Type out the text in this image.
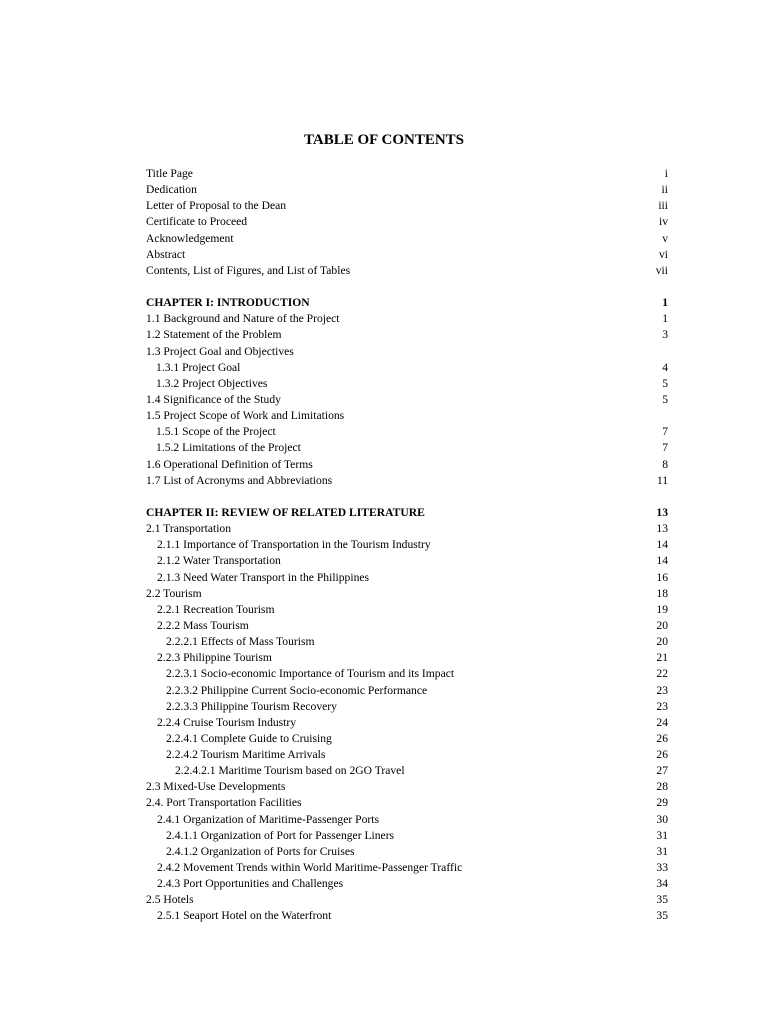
TABLE OF CONTENTS
Title Page	i
Dedication	ii
Letter of Proposal to the Dean	iii
Certificate to Proceed	iv
Acknowledgement	v
Abstract	vi
Contents, List of Figures, and List of Tables	vii
CHAPTER I: INTRODUCTION	1
1.1 Background and Nature of the Project	1
1.2 Statement of the Problem	3
1.3 Project Goal and Objectives
1.3.1 Project Goal	4
1.3.2 Project Objectives	5
1.4 Significance of the Study	5
1.5 Project Scope of Work and Limitations
1.5.1 Scope of the Project	7
1.5.2 Limitations of the Project	7
1.6 Operational Definition of Terms	8
1.7 List of Acronyms and Abbreviations	11
CHAPTER II: REVIEW OF RELATED LITERATURE	13
2.1 Transportation	13
2.1.1 Importance of Transportation in the Tourism Industry	14
2.1.2 Water Transportation	14
2.1.3 Need Water Transport in the Philippines	16
2.2 Tourism	18
2.2.1 Recreation Tourism	19
2.2.2 Mass Tourism	20
2.2.2.1 Effects of Mass Tourism	20
2.2.3 Philippine Tourism	21
2.2.3.1 Socio-economic Importance of Tourism and its Impact	22
2.2.3.2 Philippine Current Socio-economic Performance	23
2.2.3.3 Philippine Tourism Recovery	23
2.2.4 Cruise Tourism Industry	24
2.2.4.1 Complete Guide to Cruising	26
2.2.4.2 Tourism Maritime Arrivals	26
2.2.4.2.1 Maritime Tourism based on 2GO Travel	27
2.3 Mixed-Use Developments	28
2.4. Port Transportation Facilities	29
2.4.1 Organization of Maritime-Passenger Ports	30
2.4.1.1 Organization of Port for Passenger Liners	31
2.4.1.2 Organization of Ports for Cruises	31
2.4.2 Movement Trends within World Maritime-Passenger Traffic	33
2.4.3 Port Opportunities and Challenges	34
2.5 Hotels	35
2.5.1 Seaport Hotel on the Waterfront	35
